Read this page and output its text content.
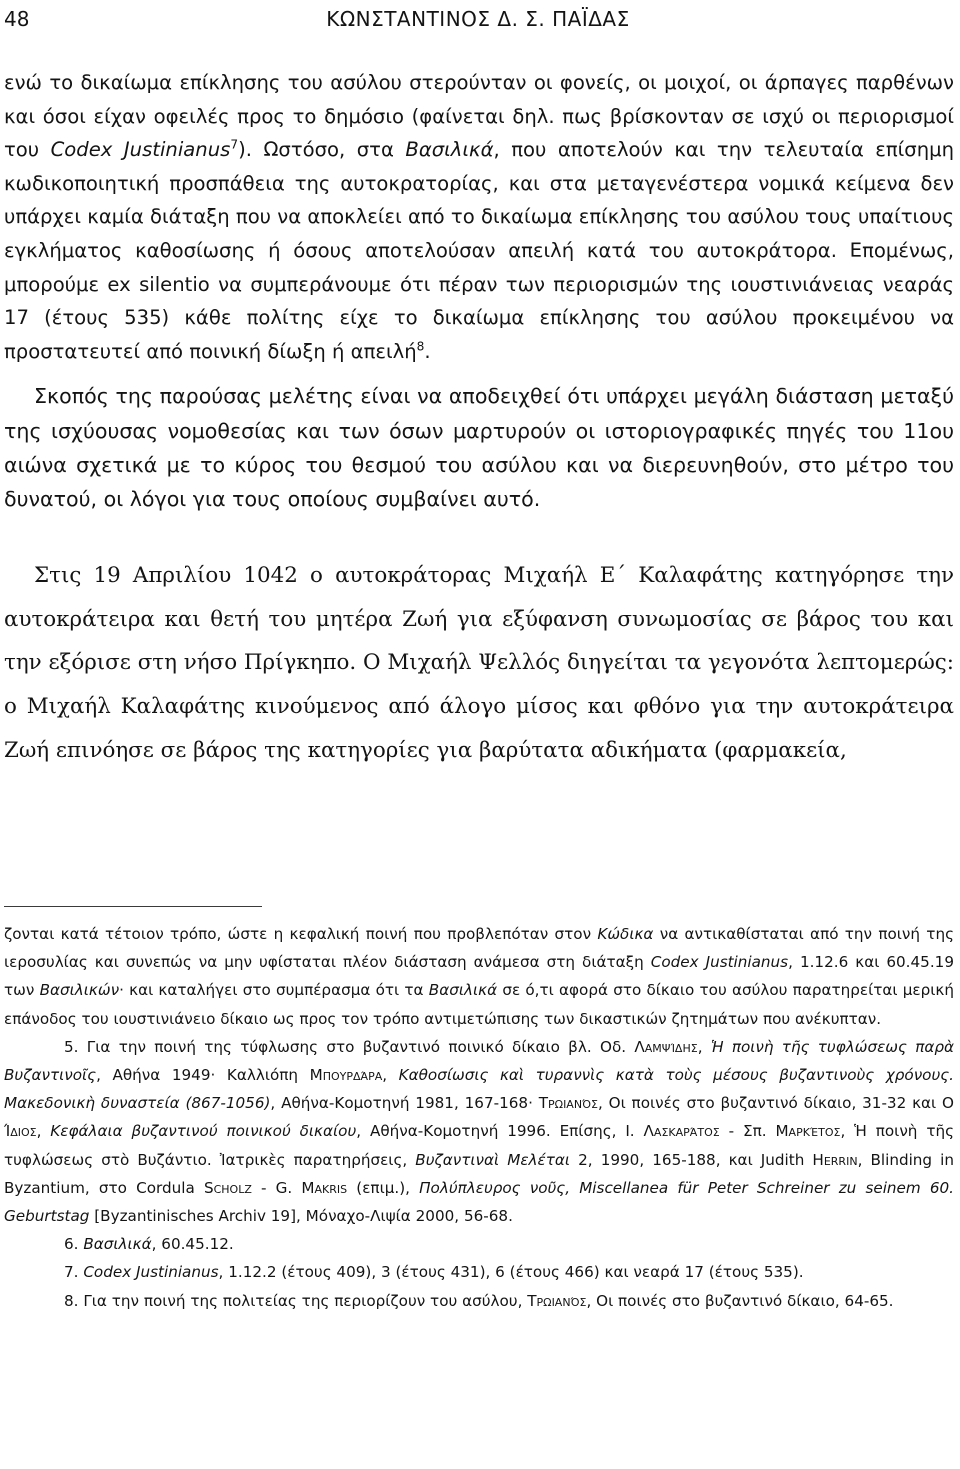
48	ΚΩΝΣΤΑΝΤΙΝΟΣ Δ. Σ. ΠΑΪΔΑΣ

ενώ το δικαίωμα επίκλησης του ασύλου στερούνταν οι φονείς, οι μοιχοί, οι άρπαγες παρθένων και όσοι είχαν οφειλές προς το δημόσιο (φαίνεται δηλ. πως βρίσκονταν σε ισχύ οι περιορισμοί του Codex Justinianus$^7$). Ωστόσο, στα Βασιλικά, που αποτελούν και την τελευταία επίσημη κωδικοποιητική προσπάθεια της αυτοκρατορίας, και στα μεταγενέστερα νομικά κείμενα δεν υπάρχει καμία διάταξη που να αποκλείει από το δικαίωμα επίκλησης του ασύλου τους υπαίτιους εγκλήματος καθοσίωσης ή όσους αποτελούσαν απειλή κατά του αυτοκράτορα. Επομένως, μπορούμε ex silentio να συμπεράνουμε ότι πέραν των περιορισμών της ιουστινιάνειας νεαράς 17 (έτους 535) κάθε πολίτης είχε το δικαίωμα επίκλησης του ασύλου προκειμένου να προστατευτεί από ποινική δίωξη ή απειλή$^8$.

Σκοπός της παρούσας μελέτης είναι να αποδειχθεί ότι υπάρχει μεγάλη διάσταση μεταξύ της ισχύουσας νομοθεσίας και των όσων μαρτυρούν οι ιστοριογραφικές πηγές του 11ου αιώνα σχετικά με το κύρος του θεσμού του ασύλου και να διερευνηθούν, στο μέτρο του δυνατού, οι λόγοι για τους οποίους συμβαίνει αυτό.

Στις 19 Απριλίου 1042 ο αυτοκράτορας Μιχαήλ Ε΄ Καλαφάτης κατηγόρησε την αυτοκράτειρα και θετή του μητέρα Ζωή για εξύφανση συνωμοσίας σε βάρος του και την εξόρισε στη νήσο Πρίγκηπο. Ο Μιχαήλ Ψελλός διηγείται τα γεγονότα λεπτομερώς: ο Μιχαήλ Καλαφάτης κινούμενος από άλογο μίσος και φθόνο για την αυτοκράτειρα Ζωή επινόησε σε βάρος της κατηγορίες για βαρύτατα αδικήματα (φαρμακεία,

ζονται κατά τέτοιον τρόπο, ώστε η κεφαλική ποινή που προβλεπόταν στον Κώδικα να αντικαθίσταται από την ποινή της ιεροσυλίας και συνεπώς να μην υφίσταται πλέον διάσταση ανάμεσα στη διάταξη Codex Justinianus, 1.12.6 και 60.45.19 των Βασιλικών· και καταλήγει στο συμπέρασμα ότι τα Βασιλικά σε ό,τι αφορά στο δίκαιο του ασύλου παρατηρείται μερική επάνοδος του ιουστινιάνειο δίκαιο ως προς τον τρόπο αντιμετώπισης των δικαστικών ζητημάτων που ανέκυπταν.

5. Για την ποινή της τύφλωσης στο βυζαντινό ποινικό δίκαιο βλ. Οδ. Λαμψίδης, Ἡ ποινὴ τῆς τυφλώσεως παρὰ Βυζαντινοῖς, Αθήνα 1949· Καλλιόπη Μπουρδάρα, Καθοσίωσις καὶ τυραννὶς κατὰ τοὺς μέσους βυζαντινοὺς χρόνους. Μακεδονικὴ δυναστεία (867-1056), Αθήνα-Κομοτηνή 1981, 167-168· Τρωιανός, Οι ποινές στο βυζαντινό δίκαιο, 31-32 και Ο Ίδιος, Κεφάλαια βυζαντινού ποινικού δικαίου, Αθήνα-Κομοτηνή 1996. Επίσης, Ι. Λασκαράτος - Σπ. Μαρκέτος, Ἡ ποινὴ τῆς τυφλώσεως στὸ Βυζάντιο. Ἰατρικὲς παρατηρήσεις, Βυζαντιναὶ Μελέται 2, 1990, 165-188, και Judith Herrin, Blinding in Byzantium, στο Cordula Scholz - G. Makris (επιμ.), Πολύπλευρος νοῦς, Miscellanea für Peter Schreiner zu seinem 60. Geburtstag [Byzantinisches Archiv 19], Μόναχο-Λιψία 2000, 56-68.

6. Βασιλικά, 60.45.12.

7. Codex Justinianus, 1.12.2 (έτους 409), 3 (έτους 431), 6 (έτους 466) και νεαρά 17 (έτους 535).

8. Για την ποινή της πολιτείας της περιορίζουν του ασύλου, Τρωιανός, Οι ποινές στο βυζαντινό δίκαιο, 64-65.
